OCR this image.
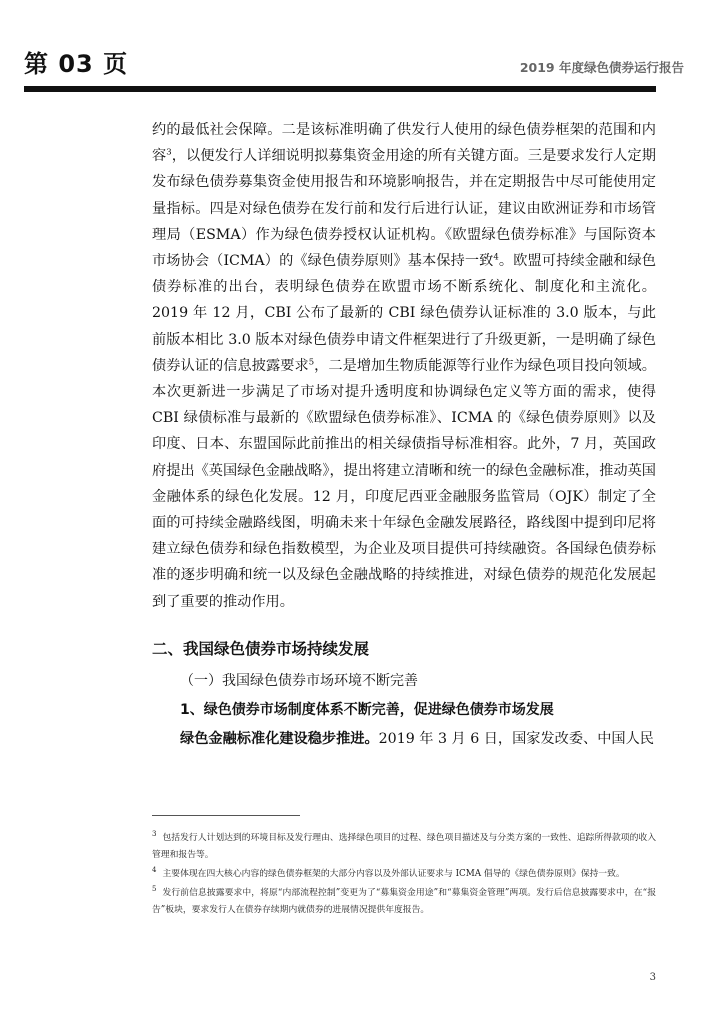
第 03 页	2019 年度绿色债券运行报告

约的最低社会保障。二是该标准明确了供发行人使用的绿色债券框架的范围和内容$^3$，以便发行人详细说明拟募集资金用途的所有关键方面。三是要求发行人定期发布绿色债券募集资金使用报告和环境影响报告，并在定期报告中尽可能使用定量指标。四是对绿色债券在发行前和发行后进行认证，建议由欧洲证券和市场管理局（ESMA）作为绿色债券授权认证机构。《欧盟绿色债券标准》与国际资本市场协会（ICMA）的《绿色债券原则》基本保持一致$^4$。欧盟可持续金融和绿色债券标准的出台，表明绿色债券在欧盟市场不断系统化、制度化和主流化。2019 年 12 月，CBI 公布了最新的 CBI 绿色债券认证标准的 3.0 版本，与此前版本相比 3.0 版本对绿色债券申请文件框架进行了升级更新，一是明确了绿色债券认证的信息披露要求$^5$，二是增加生物质能源等行业作为绿色项目投向领域。本次更新进一步满足了市场对提升透明度和协调绿色定义等方面的需求，使得 CBI 绿债标准与最新的《欧盟绿色债券标准》、ICMA 的《绿色债券原则》以及印度、日本、东盟国际此前推出的相关绿债指导标准相容。此外，7 月，英国政府提出《英国绿色金融战略》，提出将建立清晰和统一的绿色金融标准，推动英国金融体系的绿色化发展。12 月，印度尼西亚金融服务监管局（OJK）制定了全面的可持续金融路线图，明确未来十年绿色金融发展路径，路线图中提到印尼将建立绿色债券和绿色指数模型，为企业及项目提供可持续融资。各国绿色债券标准的逐步明确和统一以及绿色金融战略的持续推进，对绿色债券的规范化发展起到了重要的推动作用。

二、我国绿色债券市场持续发展
（一）我国绿色债券市场环境不断完善
1、绿色债券市场制度体系不断完善，促进绿色债券市场发展

绿色金融标准化建设稳步推进。2019 年 3 月 6 日，国家发改委、中国人民

$^3$ 包括发行人计划达到的环境目标及发行理由、选择绿色项目的过程、绿色项目描述及与分类方案的一致性、追踪所得款项的收入管理和报告等。

$^4$ 主要体现在四大核心内容的绿色债券框架的大部分内容以及外部认证要求与 ICMA 倡导的《绿色债券原则》保持一致。

$^5$ 发行前信息披露要求中，将原“内部流程控制”变更为了“募集资金用途”和“募集资金管理”两项。发行后信息披露要求中，在“报告”板块，要求发行人在债券存续期内就债券的进展情况提供年度报告。

3
